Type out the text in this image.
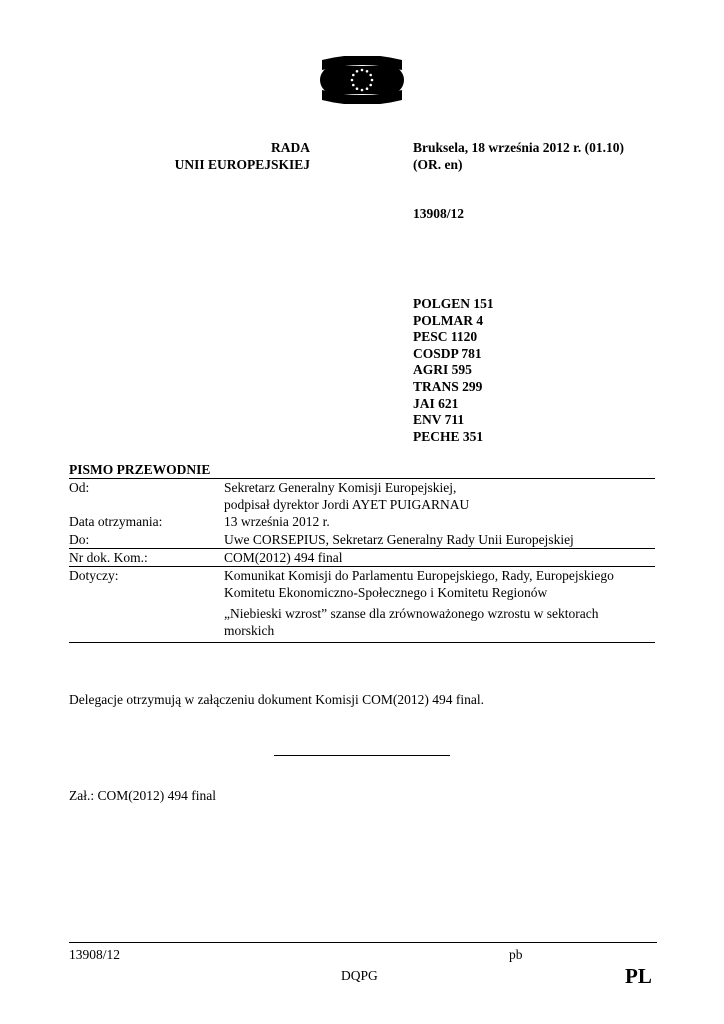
RADA
UNII EUROPEJSKIEJ
Bruksela, 18 września 2012 r. (01.10)
(OR. en)
13908/12
POLGEN 151
POLMAR 4
PESC 1120
COSDP 781
AGRI 595
TRANS 299
JAI 621
ENV 711
PECHE 351
PISMO PRZEWODNIE
Od:	Sekretarz Generalny Komisji Europejskiej,
podpisał dyrektor Jordi AYET PUIGARNAU
Data otrzymania:	13 września 2012 r.
Do:	Uwe CORSEPIUS, Sekretarz Generalny Rady Unii Europejskiej
Nr dok. Kom.:	COM(2012) 494 final
Dotyczy:	Komunikat Komisji do Parlamentu Europejskiego, Rady, Europejskiego
Komitetu Ekonomiczno-Społecznego i Komitetu Regionów
„Niebieski wzrost” szanse dla zrównoważonego wzrostu w sektorach
morskich
Delegacje otrzymują w załączeniu dokument Komisji COM(2012) 494 final.
Zał.: COM(2012) 494 final
13908/12	pb
DQPG	PL
